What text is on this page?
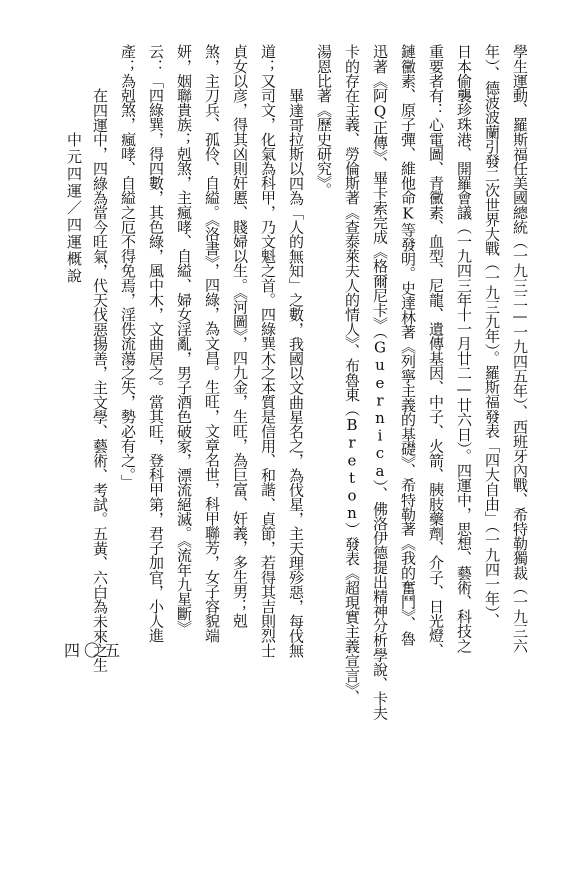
學生運動、羅斯福任美國總統（一九三二—一九四五年）、西班牙內戰、希特勒獨裁（一九三六
年）、德波波蘭引發二次世界大戰（一九三九年）。羅斯福發表「四大自由」（一九四一年）、
日本偷襲珍珠港、開羅會議（一九四三年十一月廿二—廿六日）。四運中，思想、藝術、科技之
重要者有：心電圖、青黴素、血型、尼龍、遺傳基因、中子、火箭、胰肢藥劑、介子、日光燈、
鏈黴素、原子彈、維他命K等發明。史達林著《列寧主義的基礎》、希特勒著《我的奮鬥》、魯
迅著《阿Q正傳》、畢卡索完成《格爾尼卡》（Guernica）、佛洛伊德提出精神分析學說、卡夫
卡的存在主義、勞倫斯著《查泰萊夫人的情人》、布魯東（Breton）發表《超現實主義宣言》、
湯恩比著《歷史研究》。
畢達哥拉斯以四為「人的無知」之數，我國以文曲星名之，為伐星，主天理殄惡，每伐無
道；又司文，化氣為科甲，乃文魁之首。四綠巽木之本質是信用、和諧、貞節，若得其吉則烈士
貞女以彦，得其凶則奸慝、賤婦以生。《河圖》，四九金，生旺，為巨富、奸義，多生男；剋
煞，主刀兵、孤伶、自縊。《洛書》，四綠，為文昌。生旺，文章名世，科甲聯芳，女子容貌端
妍，姻聯貴族；剋煞，主瘋哮、自縊、婦女淫亂，男子酒色破家，漂流絕滅。《流年九星斷》
云：「四綠巽，得四數，其色綠，風中木，文曲居之。當其旺，登科甲第，君子加官，小人進
產；為剋煞，瘋哮、自縊之厄不得免焉，淫佚流蕩之失，勢必有之。」
在四運中，四綠為當今旺氣，代天伐惡揚善，主文學、藝術、考試。五黃、六白為未來之生
中元四運／四運概說
四〇五
